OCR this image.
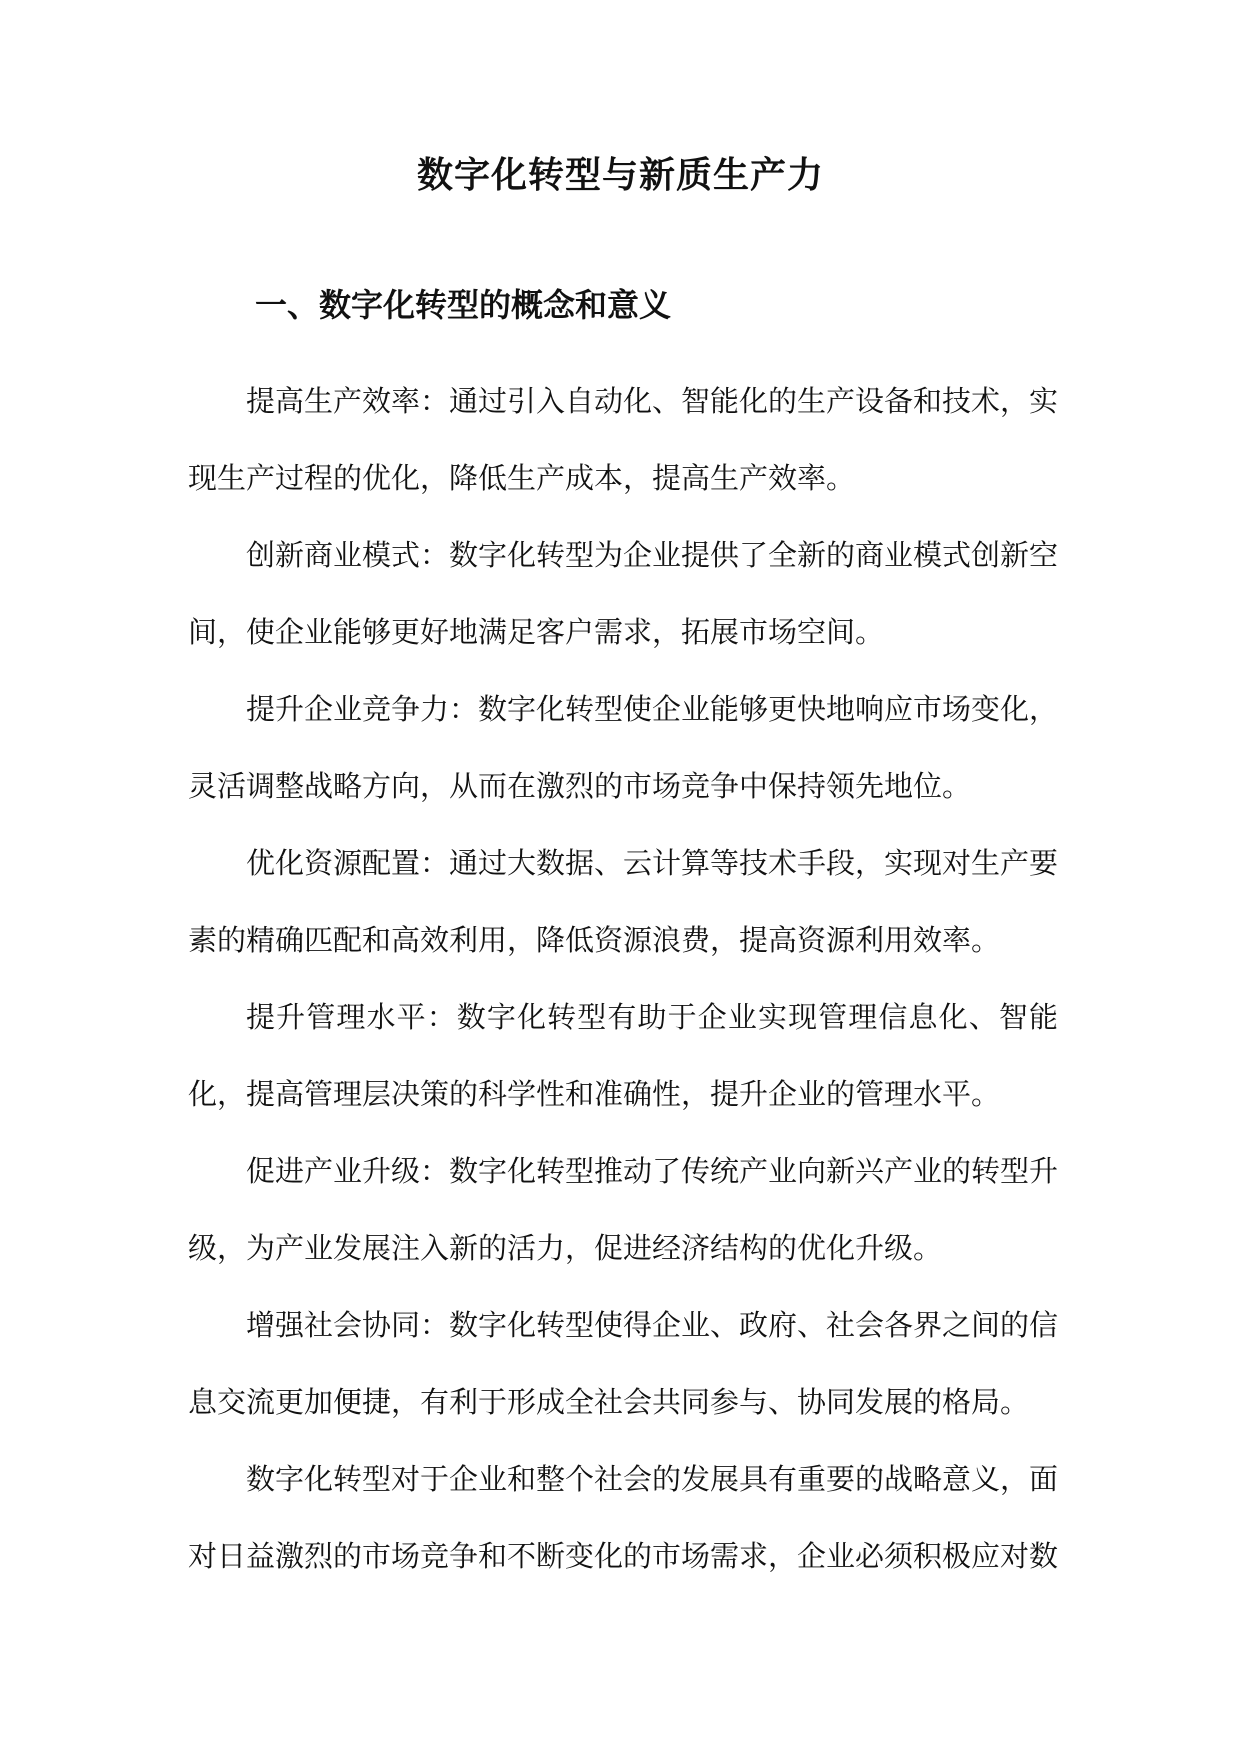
数字化转型与新质生产力
一、数字化转型的概念和意义

提高生产效率：通过引入自动化、智能化的生产设备和技术，实现生产过程的优化，降低生产成本，提高生产效率。

创新商业模式：数字化转型为企业提供了全新的商业模式创新空间，使企业能够更好地满足客户需求，拓展市场空间。

提升企业竞争力：数字化转型使企业能够更快地响应市场变化，灵活调整战略方向，从而在激烈的市场竞争中保持领先地位。

优化资源配置：通过大数据、云计算等技术手段，实现对生产要素的精确匹配和高效利用，降低资源浪费，提高资源利用效率。

提升管理水平：数字化转型有助于企业实现管理信息化、智能化，提高管理层决策的科学性和准确性，提升企业的管理水平。

促进产业升级：数字化转型推动了传统产业向新兴产业的转型升级，为产业发展注入新的活力，促进经济结构的优化升级。

增强社会协同：数字化转型使得企业、政府、社会各界之间的信息交流更加便捷，有利于形成全社会共同参与、协同发展的格局。

数字化转型对于企业和整个社会的发展具有重要的战略意义，面对日益激烈的市场竞争和不断变化的市场需求，企业必须积极应对数
